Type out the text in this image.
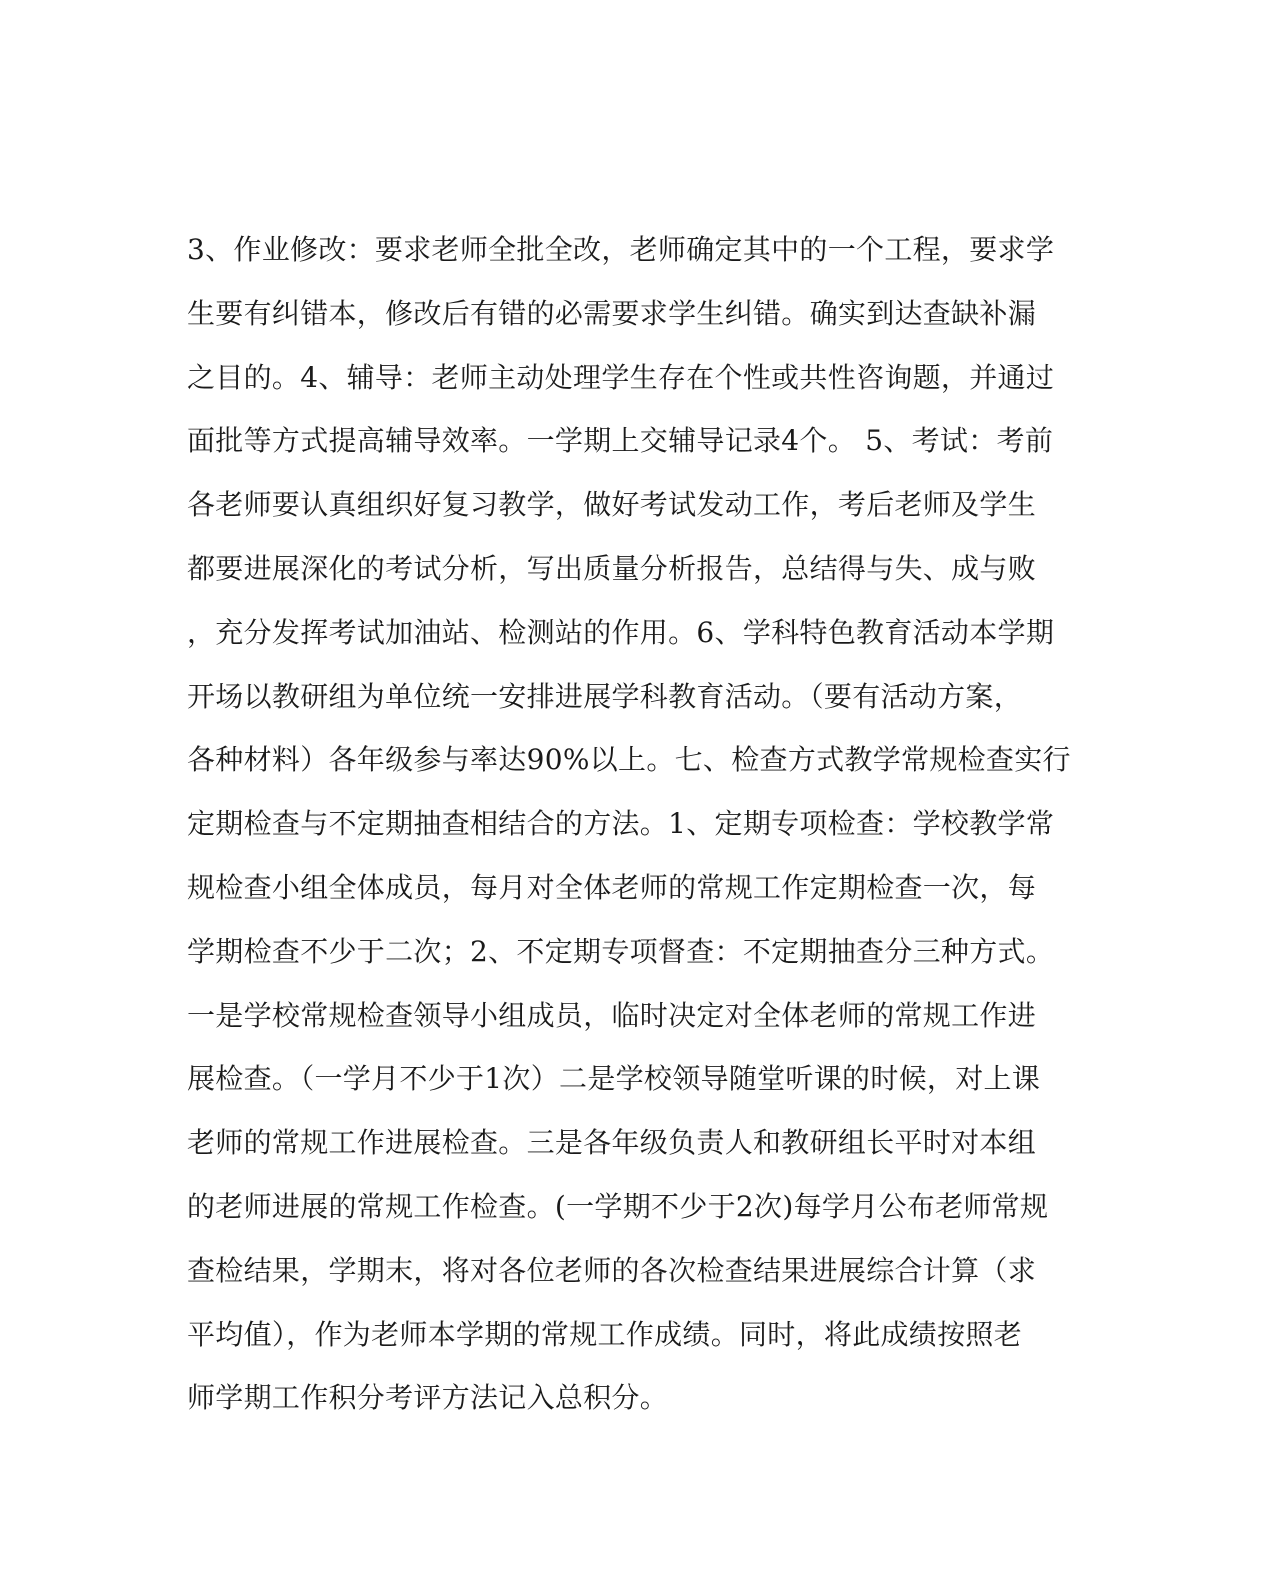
3、作业修改：要求老师全批全改，老师确定其中的一个工程，要求学
生要有纠错本，修改后有错的必需要求学生纠错。确实到达查缺补漏
之目的。4、辅导：老师主动处理学生存在个性或共性咨询题，并通过
面批等方式提高辅导效率。一学期上交辅导记录4个。 5、考试：考前
各老师要认真组织好复习教学，做好考试发动工作，考后老师及学生
都要进展深化的考试分析，写出质量分析报告，总结得与失、成与败
，充分发挥考试加油站、检测站的作用。6、学科特色教育活动本学期
开场以教研组为单位统一安排进展学科教育活动。（要有活动方案，
各种材料）各年级参与率达90%以上。七、检查方式教学常规检查实行
定期检查与不定期抽查相结合的方法。1、定期专项检查：学校教学常
规检查小组全体成员，每月对全体老师的常规工作定期检查一次，每
学期检查不少于二次；2、不定期专项督查：不定期抽查分三种方式。
一是学校常规检查领导小组成员，临时决定对全体老师的常规工作进
展检查。（一学月不少于1次）二是学校领导随堂听课的时候，对上课
老师的常规工作进展检查。三是各年级负责人和教研组长平时对本组
的老师进展的常规工作检查。(一学期不少于2次)每学月公布老师常规
查检结果，学期末，将对各位老师的各次检查结果进展综合计算（求
平均值），作为老师本学期的常规工作成绩。同时，将此成绩按照老
师学期工作积分考评方法记入总积分。
